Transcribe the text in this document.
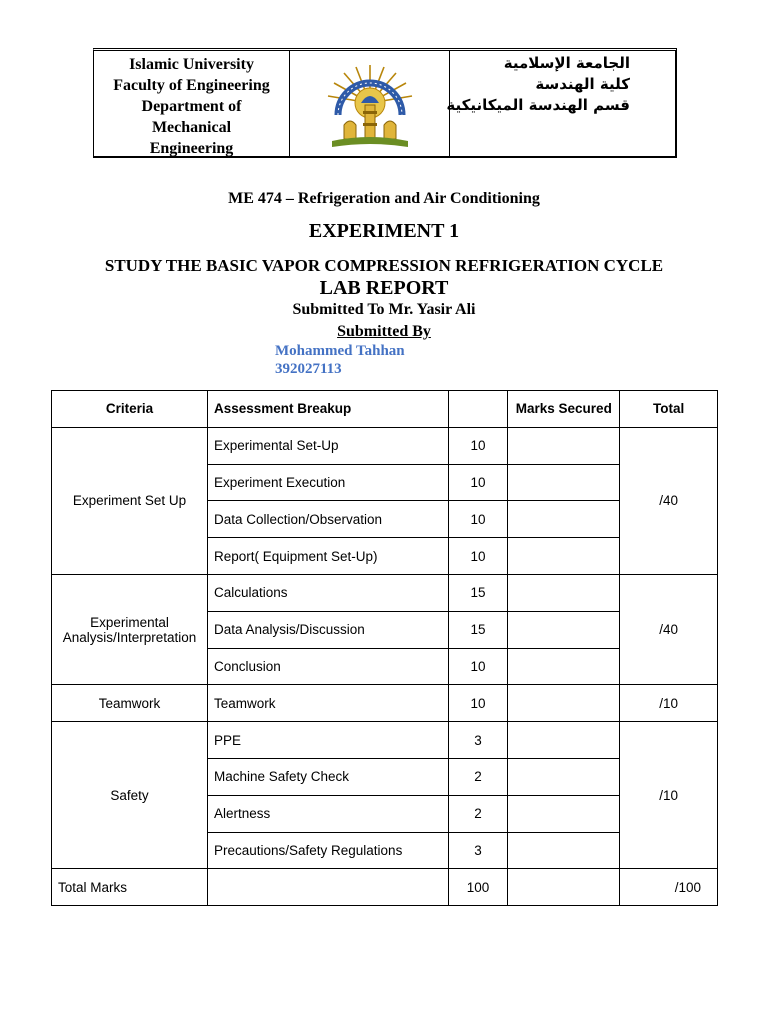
Islamic University
Faculty of Engineering
Department of
Mechanical
Engineering
الجامعة الإسلامية
كلية الهندسة
قسم الهندسة الميكانيكية
ME 474 – Refrigeration and Air Conditioning
EXPERIMENT 1
STUDY THE BASIC VAPOR COMPRESSION REFRIGERATION CYCLE
LAB REPORT
Submitted To Mr. Yasir Ali
Submitted By
Mohammed Tahhan
392027113
Criteria	Assessment Breakup		Marks Secured	Total
Experiment Set Up	Experimental Set-Up	10		/40
	Experiment Execution	10		
	Data Collection/Observation	10		
	Report( Equipment Set-Up)	10		
Experimental Analysis/Interpretation	Calculations	15		/40
	Data Analysis/Discussion	15		
	Conclusion	10		
Teamwork	Teamwork	10		/10
Safety	PPE	3		/10
	Machine Safety Check	2		
	Alertness	2		
	Precautions/Safety Regulations	3		
Total Marks		100		/100
